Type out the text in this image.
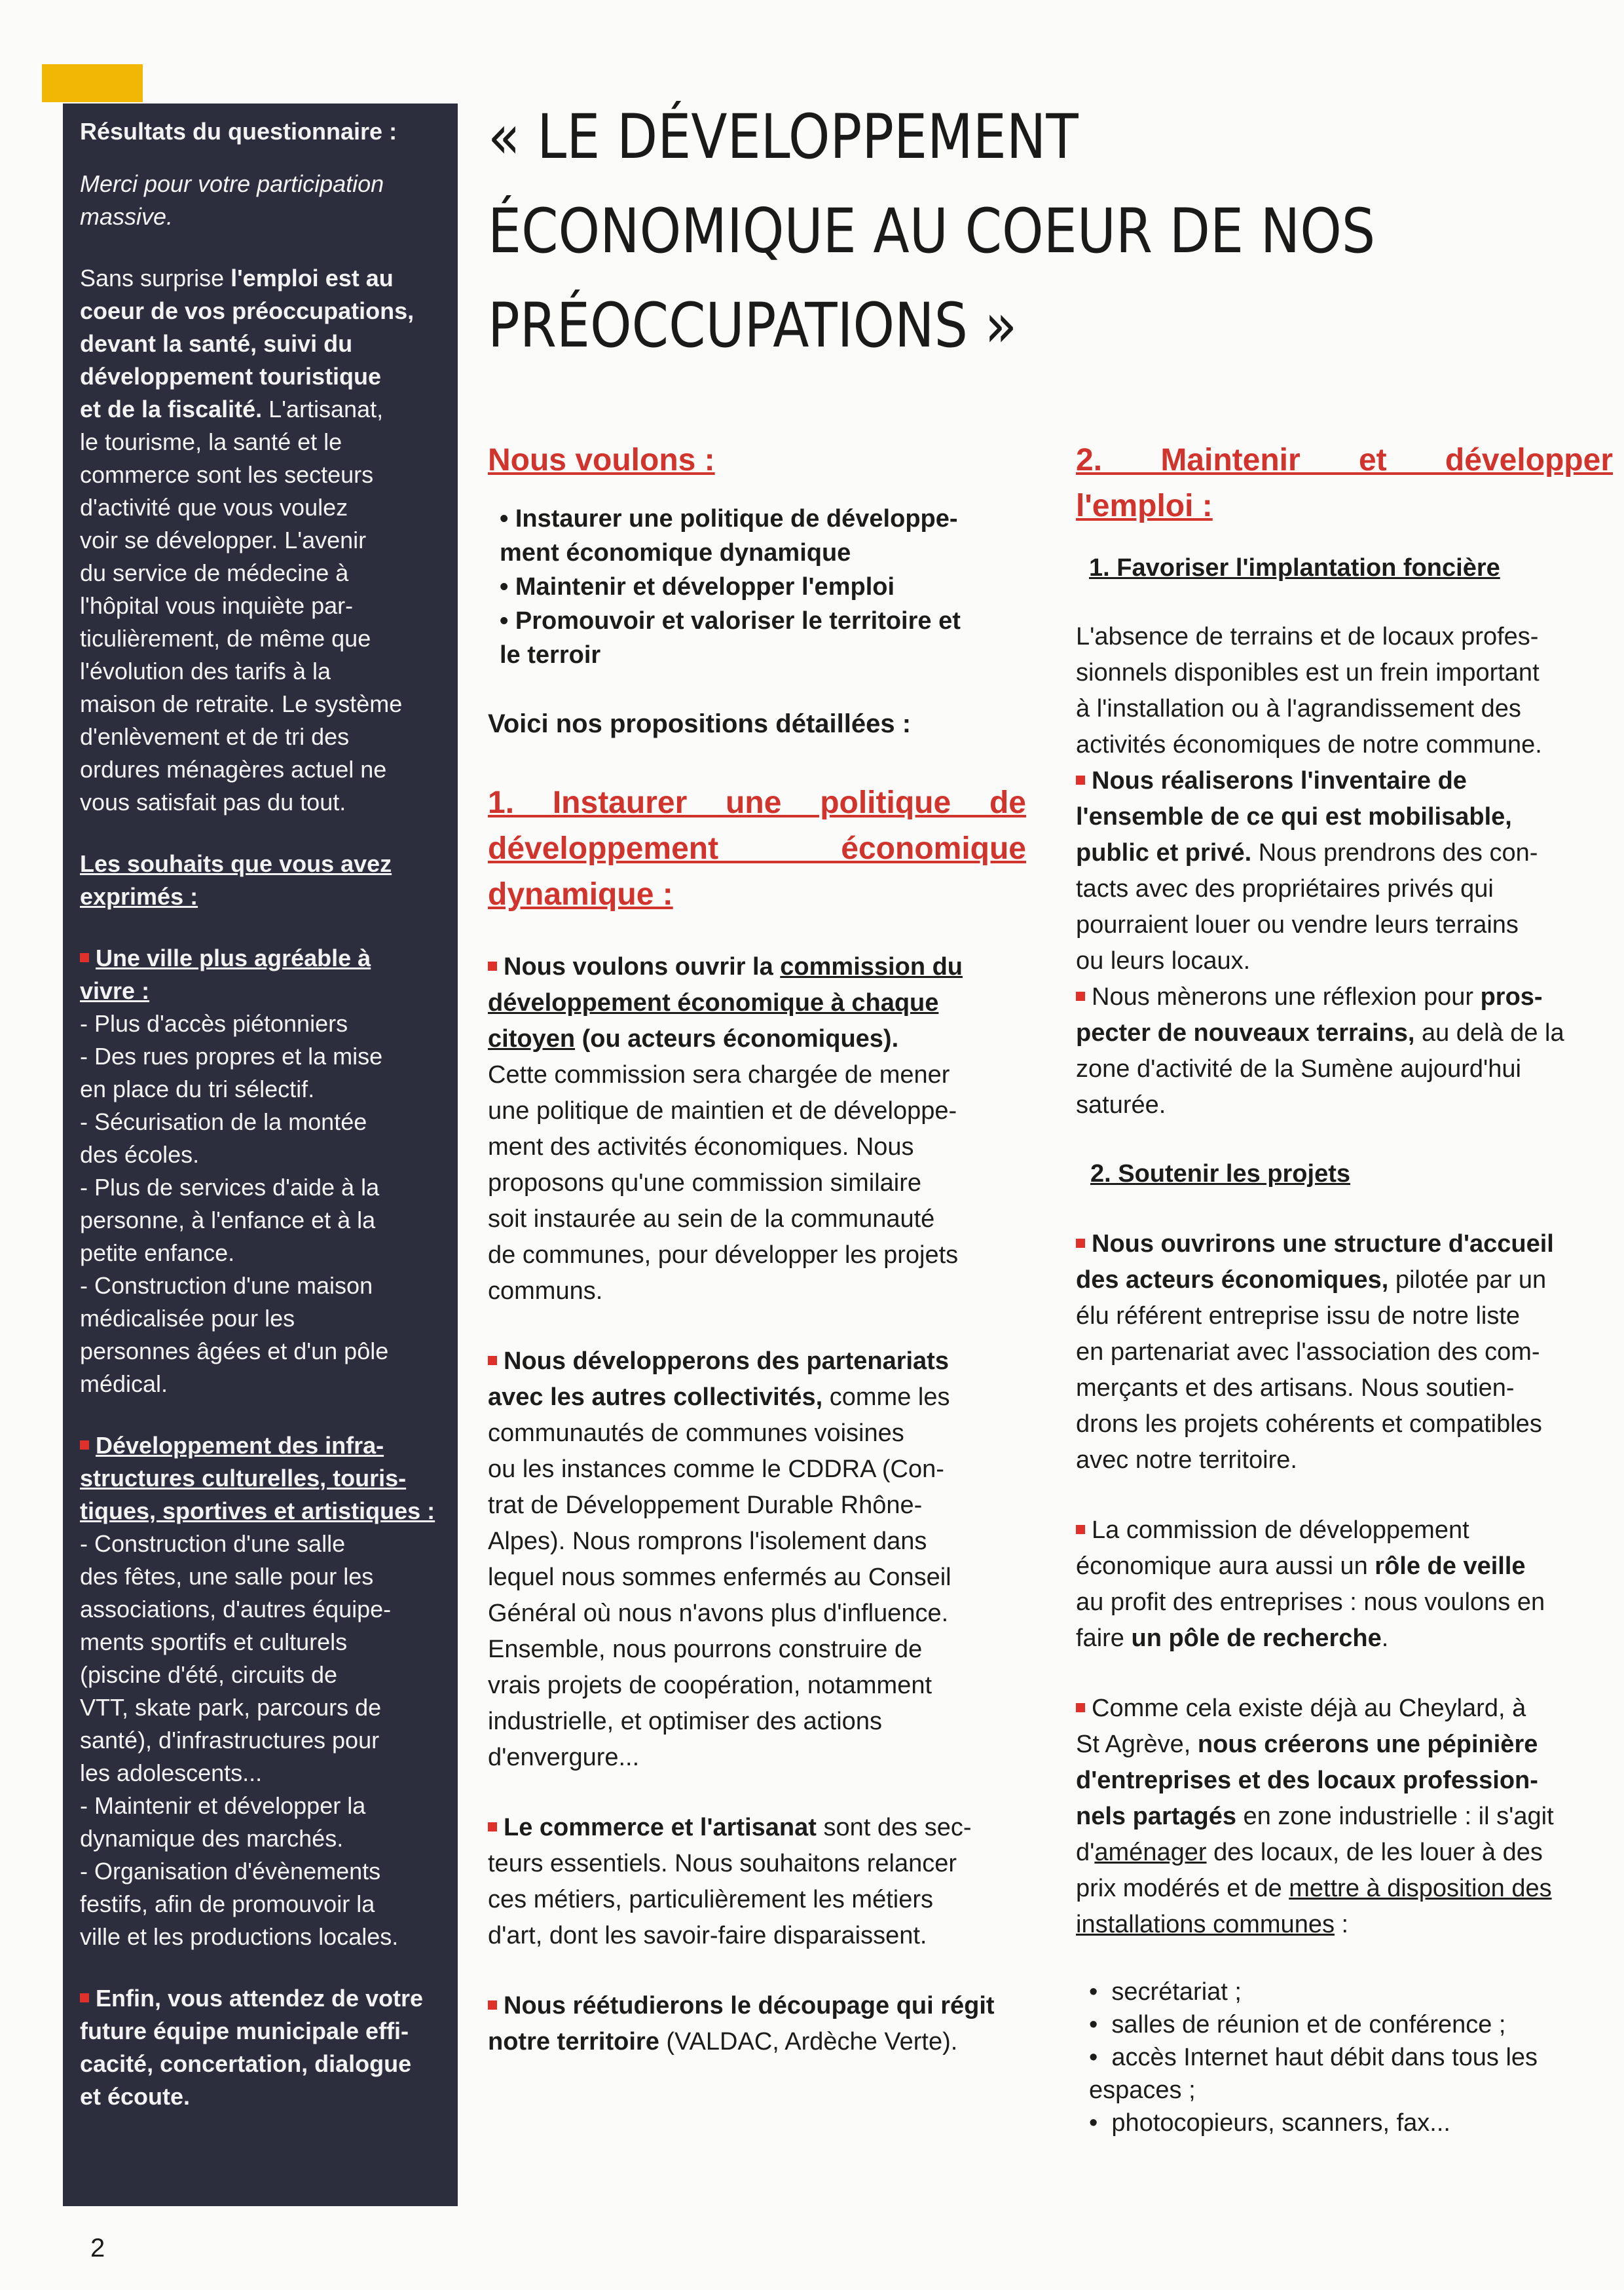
Résultats du questionnaire :

Merci pour votre participation
massive.

Sans surprise l'emploi est au
coeur de vos préoccupations,
devant la santé, suivi du
développement touristique
et de la fiscalité. L'artisanat,
le tourisme, la santé et le
commerce sont les secteurs
d'activité que vous voulez
voir se développer. L'avenir
du service de médecine à
l'hôpital vous inquiète par-
ticulièrement, de même que
l'évolution des tarifs à la
maison de retraite. Le système
d'enlèvement et de tri des
ordures ménagères actuel ne
vous satisfait pas du tout.

Les souhaits que vous avez
exprimés :

Une ville plus agréable à
vivre :
- Plus d'accès piétonniers
- Des rues propres et la mise
en place du tri sélectif.
- Sécurisation de la montée
des écoles.
- Plus de services d'aide à la
personne, à l'enfance et à la
petite enfance.
- Construction d'une maison
médicalisée pour les
personnes âgées et d'un pôle
médical.

Développement des infra-
structures culturelles, touris-
tiques, sportives et artistiques :
- Construction d'une salle
des fêtes, une salle pour les
associations, d'autres équipe-
ments sportifs et culturels
(piscine d'été, circuits de
VTT, skate park, parcours de
santé), d'infrastructures pour
les adolescents...
- Maintenir et développer la
dynamique des marchés.
- Organisation d'évènements
festifs, afin de promouvoir la
ville et les productions locales.

Enfin, vous attendez de votre
future équipe municipale effi-
cacité, concertation, dialogue
et écoute.

« LE DÉVELOPPEMENT
ÉCONOMIQUE AU COEUR DE NOS
PRÉOCCUPATIONS »

Nous voulons :

• Instaurer une politique de développe-
ment économique dynamique
• Maintenir et développer l'emploi
• Promouvoir et valoriser le territoire et
le terroir

Voici nos propositions détaillées :

1. Instaurer une politique de
développement économique
dynamique :

Nous voulons ouvrir la commission du
développement économique à chaque
citoyen (ou acteurs économiques).
Cette commission sera chargée de mener
une politique de maintien et de développe-
ment des activités économiques. Nous
proposons qu'une commission similaire
soit instaurée au sein de la communauté
de communes, pour développer les projets
communs.

Nous développerons des partenariats
avec les autres collectivités, comme les
communautés de communes voisines
ou les instances comme le CDDRA (Con-
trat de Développement Durable Rhône-
Alpes). Nous romprons l'isolement dans
lequel nous sommes enfermés au Conseil
Général où nous n'avons plus d'influence.
Ensemble, nous pourrons construire de
vrais projets de coopération, notamment
industrielle, et optimiser des actions
d'envergure...

Le commerce et l'artisanat sont des sec-
teurs essentiels. Nous souhaitons relancer
ces métiers, particulièrement les métiers
d'art, dont les savoir-faire disparaissent.

Nous réétudierons le découpage qui régit
notre territoire (VALDAC, Ardèche Verte).

2. Maintenir et développer
l'emploi :

1. Favoriser l'implantation foncière

L'absence de terrains et de locaux profes-
sionnels disponibles est un frein important
à l'installation ou à l'agrandissement des
activités économiques de notre commune.

Nous réaliserons l'inventaire de
l'ensemble de ce qui est mobilisable,
public et privé. Nous prendrons des con-
tacts avec des propriétaires privés qui
pourraient louer ou vendre leurs terrains
ou leurs locaux.

Nous mènerons une réflexion pour pros-
pecter de nouveaux terrains, au delà de la
zone d'activité de la Sumène aujourd'hui
saturée.

2. Soutenir les projets

Nous ouvrirons une structure d'accueil
des acteurs économiques, pilotée par un
élu référent entreprise issu de notre liste
en partenariat avec l'association des com-
merçants et des artisans. Nous soutien-
drons les projets cohérents et compatibles
avec notre territoire.

La commission de développement
économique aura aussi un rôle de veille
au profit des entreprises : nous voulons en
faire un pôle de recherche.

Comme cela existe déjà au Cheylard, à
St Agrève, nous créerons une pépinière
d'entreprises et des locaux profession-
nels partagés en zone industrielle : il s'agit
d'aménager des locaux, de les louer à des
prix modérés et de mettre à disposition des
installations communes :

•  secrétariat ;
•  salles de réunion et de conférence ;
•  accès Internet haut débit dans tous les
espaces ;
•  photocopieurs, scanners, fax...

2
